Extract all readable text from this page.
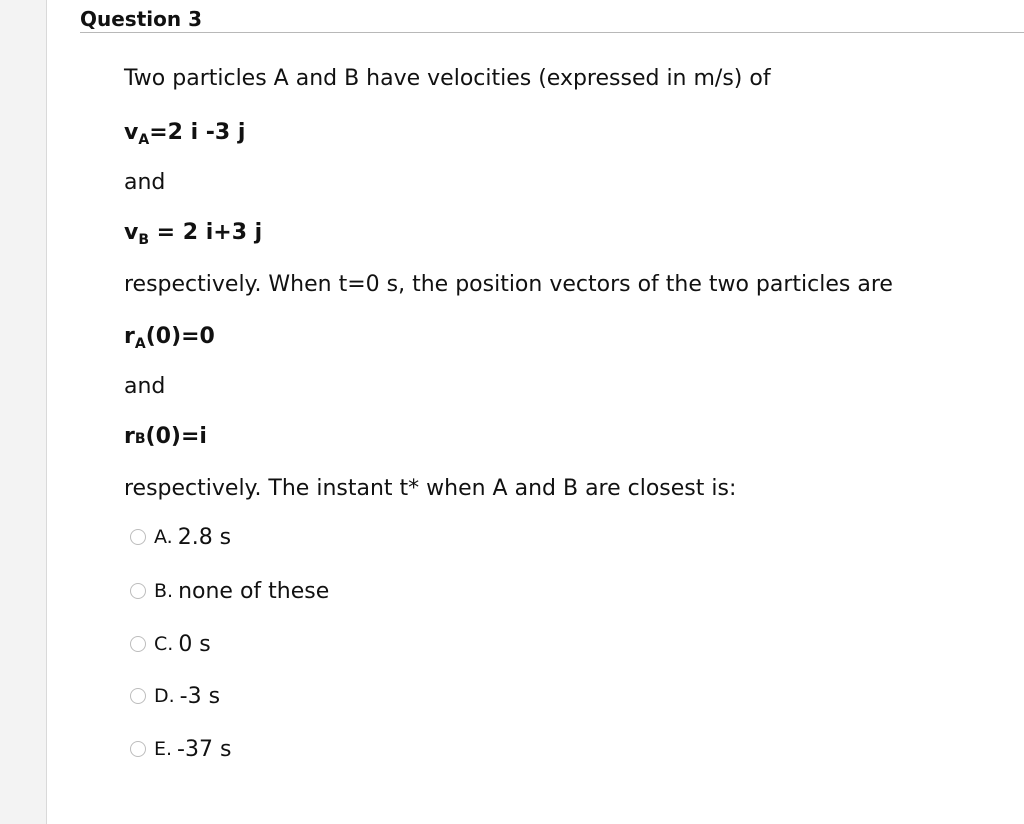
Question 3
Two particles A and B have velocities (expressed in m/s) of
$v_A=2$ i -3 j
and
$v_B = 2$ i+3 j
respectively. When t=0 s, the position vectors of the two particles are
$r_A(0)=0$
and
rB(0)=i
respectively. The instant t* when A and B are closest is:
A. 2.8 s
B. none of these
C. 0 s
D. -3 s
E. -37 s
